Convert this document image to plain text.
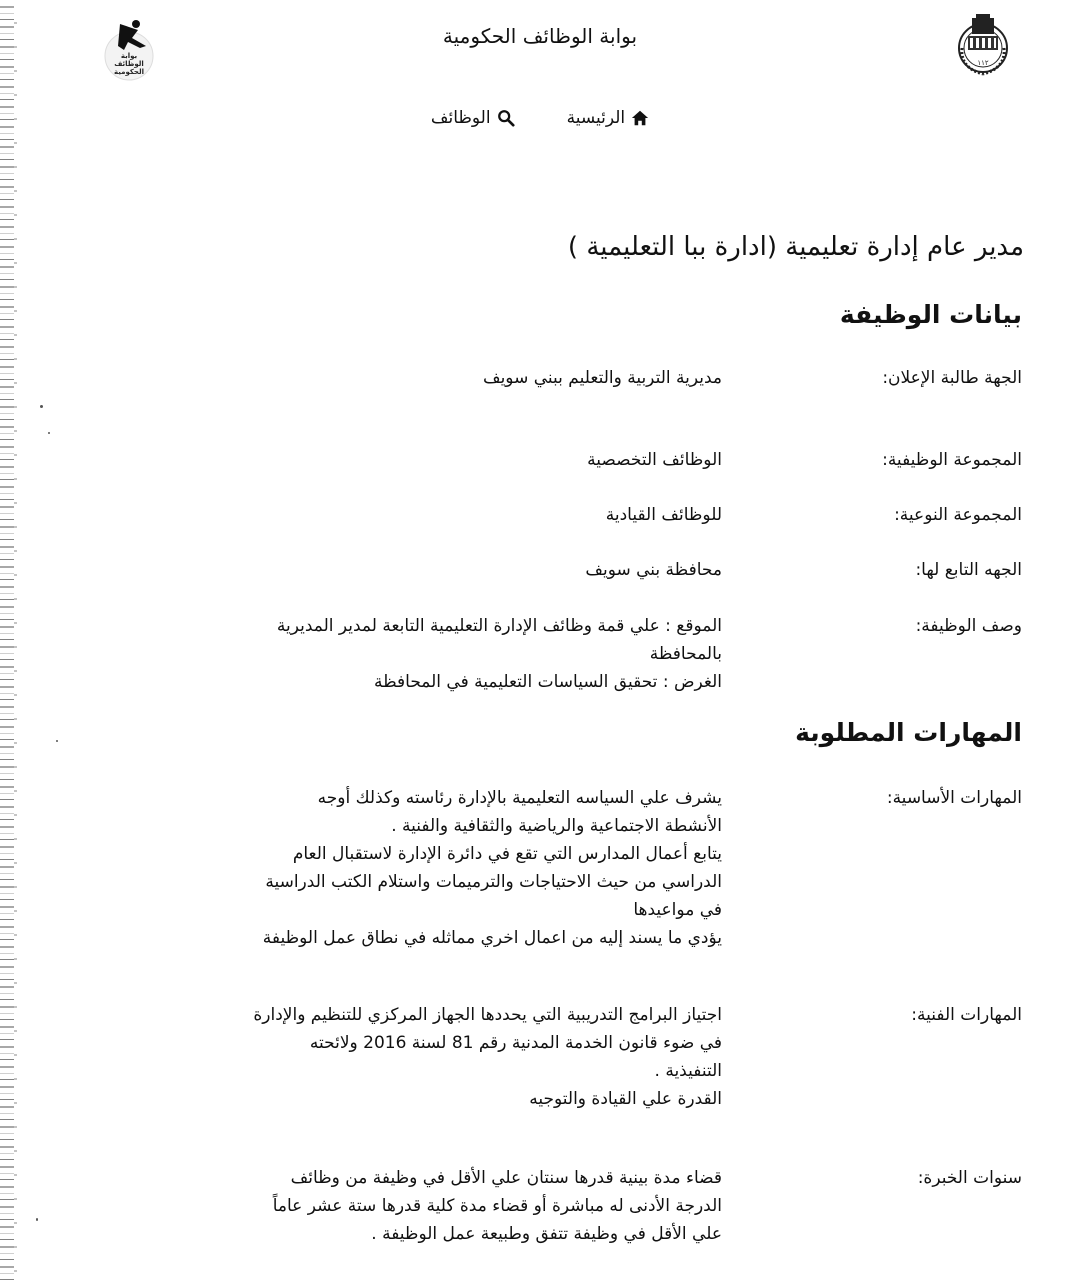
١١٢
بوابة الوظائف الحكومية
بوابة
الوظائف
الحكومية
الرئيسية
الوظائف
مدير عام إدارة تعليمية (ادارة ببا التعليمية )
بيانات الوظيفة
الجهة طالبة الإعلان:
مديرية التربية والتعليم ببني سويف
المجموعة الوظيفية:
الوظائف التخصصية
المجموعة النوعية:
للوظائف القيادية
الجهه التابع لها:
محافظة بني سويف
وصف الوظيفة:
الموقع : علي قمة وظائف الإدارة التعليمية التابعة لمدير المديرية
بالمحافظة
الغرض : تحقيق السياسات التعليمية في المحافظة
المهارات المطلوبة
المهارات الأساسية:
يشرف علي السياسه التعليمية بالإدارة رئاسته وكذلك أوجه
الأنشطة الاجتماعية والرياضية والثقافية والفنية .
يتابع أعمال المدارس التي تقع في دائرة الإدارة لاستقبال العام
الدراسي من حيث الاحتياجات والترميمات واستلام الكتب الدراسية
في مواعيدها
يؤدي ما يسند إليه من اعمال اخري مماثله في نطاق عمل الوظيفة
المهارات الفنية:
اجتياز البرامج التدريبية التي يحددها الجهاز المركزي للتنظيم والإدارة
في ضوء قانون الخدمة المدنية رقم 81 لسنة 2016 ولائحته
التنفيذية .
القدرة علي القيادة والتوجيه
سنوات الخبرة:
قضاء مدة بينية قدرها سنتان علي الأقل في وظيفة من وظائف
الدرجة الأدنى له مباشرة أو قضاء مدة كلية قدرها ستة عشر عاماً
علي الأقل في وظيفة تتفق وطبيعة عمل الوظيفة .
